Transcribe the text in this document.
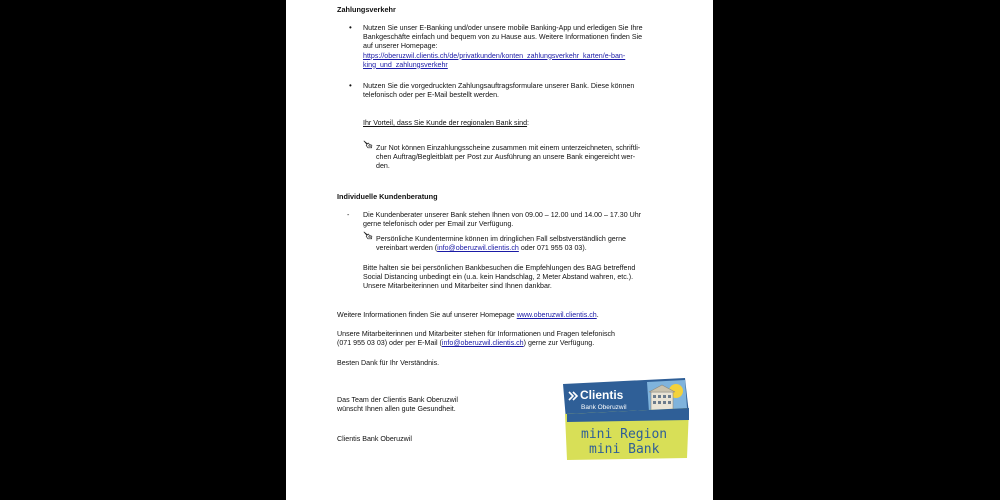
Zahlungsverkehr
• Nutzen Sie unser E-Banking und/oder unsere mobile Banking-App und erledigen Sie Ihre
Bankgeschäfte einfach und bequem von zu Hause aus. Weitere Informationen finden Sie
auf unserer Homepage:
https://oberuzwil.clientis.ch/de/privatkunden/konten_zahlungsverkehr_karten/e-ban-
king_und_zahlungsverkehr
• Nutzen Sie die vorgedruckten Zahlungsauftragsformulare unserer Bank. Diese können
telefonisch oder per E-Mail bestellt werden.
Ihr Vorteil, dass Sie Kunde der regionalen Bank sind:
Zur Not können Einzahlungsscheine zusammen mit einem unterzeichneten, schriftli-
chen Auftrag/Begleitblatt per Post zur Ausführung an unsere Bank eingereicht wer-
den.
Individuelle Kundenberatung
- Die Kundenberater unserer Bank stehen Ihnen von 09.00 – 12.00 und 14.00 – 17.30 Uhr
gerne telefonisch oder per Email zur Verfügung.
Persönliche Kundentermine können im dringlichen Fall selbstverständlich gerne
vereinbart werden (info@oberuzwil.clientis.ch oder 071 955 03 03).
Bitte halten sie bei persönlichen Bankbesuchen die Empfehlungen des BAG betreffend
Social Distancing unbedingt ein (u.a. kein Handschlag, 2 Meter Abstand wahren, etc.).
Unsere Mitarbeiterinnen und Mitarbeiter sind Ihnen dankbar.
Weitere Informationen finden Sie auf unserer Homepage www.oberuzwil.clientis.ch.
Unsere Mitarbeiterinnen und Mitarbeiter stehen für Informationen und Fragen telefonisch
(071 955 03 03) oder per E-Mail (info@oberuzwil.clientis.ch) gerne zur Verfügung.
Besten Dank für Ihr Verständnis.
Das Team der Clientis Bank Oberuzwil
wünscht Ihnen allen gute Gesundheit.
Clientis Bank Oberuzwil
Clientis
Bank Oberuzwil
mini Region
mini Bank
